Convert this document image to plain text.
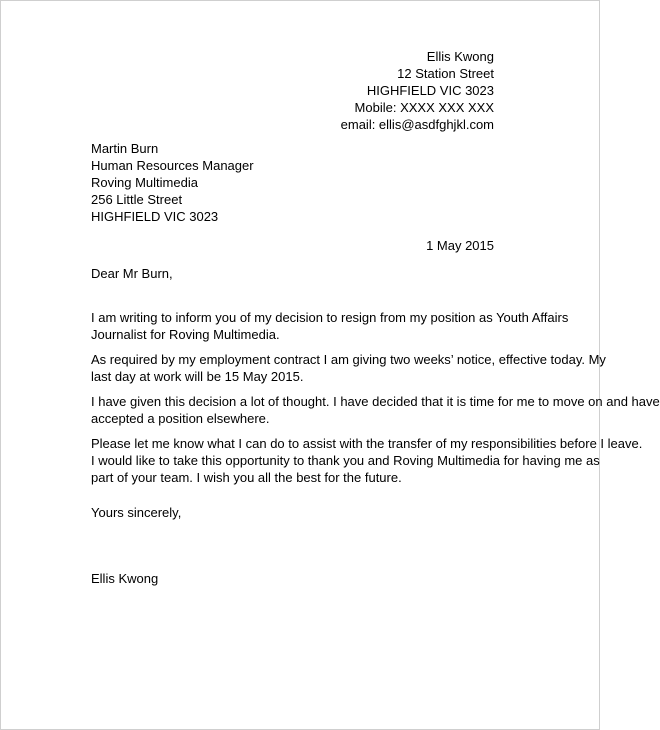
Ellis Kwong
12 Station Street
HIGHFIELD VIC 3023
Mobile: XXXX XXX XXX
email: ellis@asdfghjkl.com
Martin Burn
Human Resources Manager
Roving Multimedia
256 Little Street
HIGHFIELD VIC 3023
1 May 2015
Dear Mr Burn,

I am writing to inform you of my decision to resign from my position as Youth Affairs
Journalist for Roving Multimedia.

As required by my employment contract I am giving two weeks’ notice, effective today. My
last day at work will be 15 May 2015.

I have given this decision a lot of thought. I have decided that it is time for me to move on and have
accepted a position elsewhere.

Please let me know what I can do to assist with the transfer of my responsibilities before I leave.
I would like to take this opportunity to thank you and Roving Multimedia for having me as
part of your team. I wish you all the best for the future.

Yours sincerely,
Ellis Kwong
